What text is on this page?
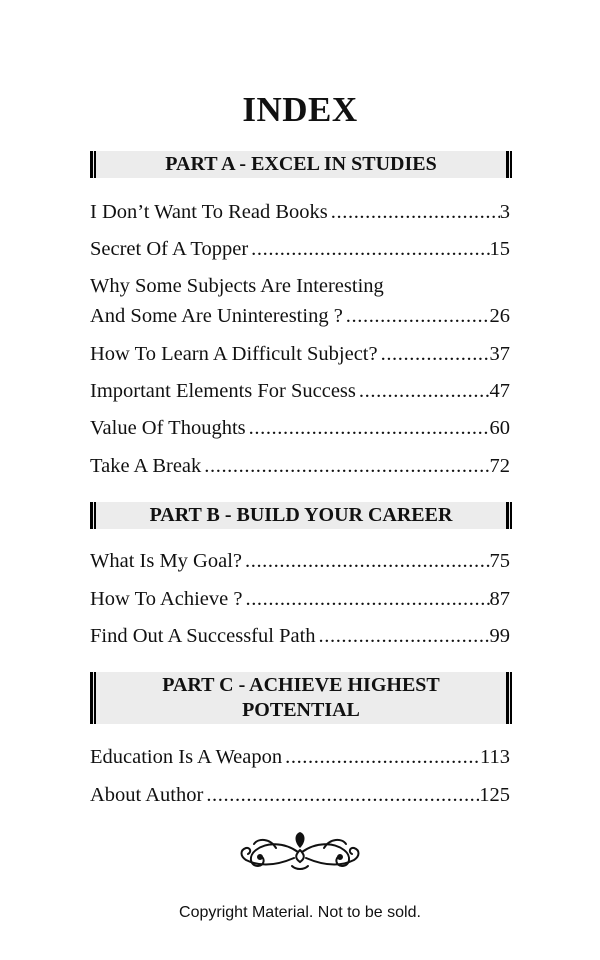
INDEX
PART A - EXCEL IN STUDIES
I Don’t Want To Read Books .....	3
Secret Of A Topper .....	15
Why Some Subjects Are Interesting
And Some Are Uninteresting ? .....	26
How To Learn A Difficult Subject? .....	37
Important Elements For Success .....	47
Value Of Thoughts .....	60
Take A Break .....	72
PART B - BUILD YOUR CAREER
What Is My Goal? .....	75
How To Achieve ? .....	87
Find Out A Successful Path .....	99
PART C - ACHIEVE HIGHEST
POTENTIAL
Education Is A Weapon .....	113
About Author .....	125
Copyright Material. Not to be sold.
